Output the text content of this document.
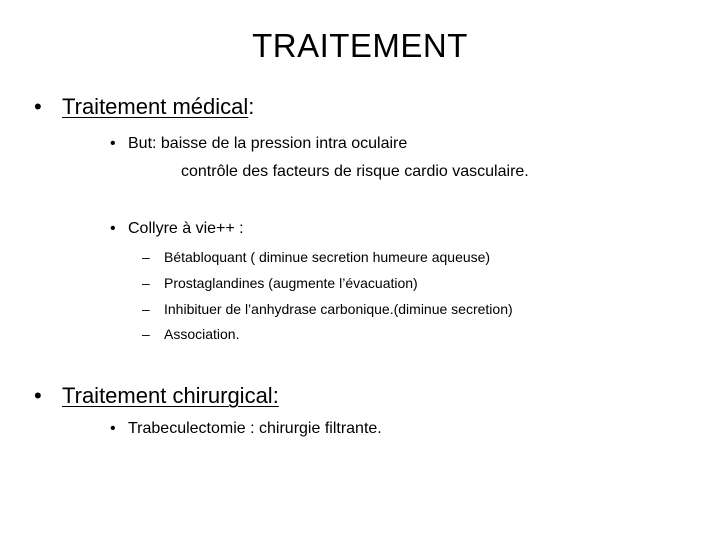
TRAITEMENT
• Traitement médical:
• But: baisse de la pression intra oculaire
contrôle des facteurs de risque cardio vasculaire.
• Collyre à vie++ :
– Bétabloquant ( diminue secretion humeure aqueuse)
– Prostaglandines (augmente l’évacuation)
– Inhibituer de l’anhydrase carbonique.(diminue secretion)
– Association.
• Traitement chirurgical:
• Trabeculectomie : chirurgie filtrante.
